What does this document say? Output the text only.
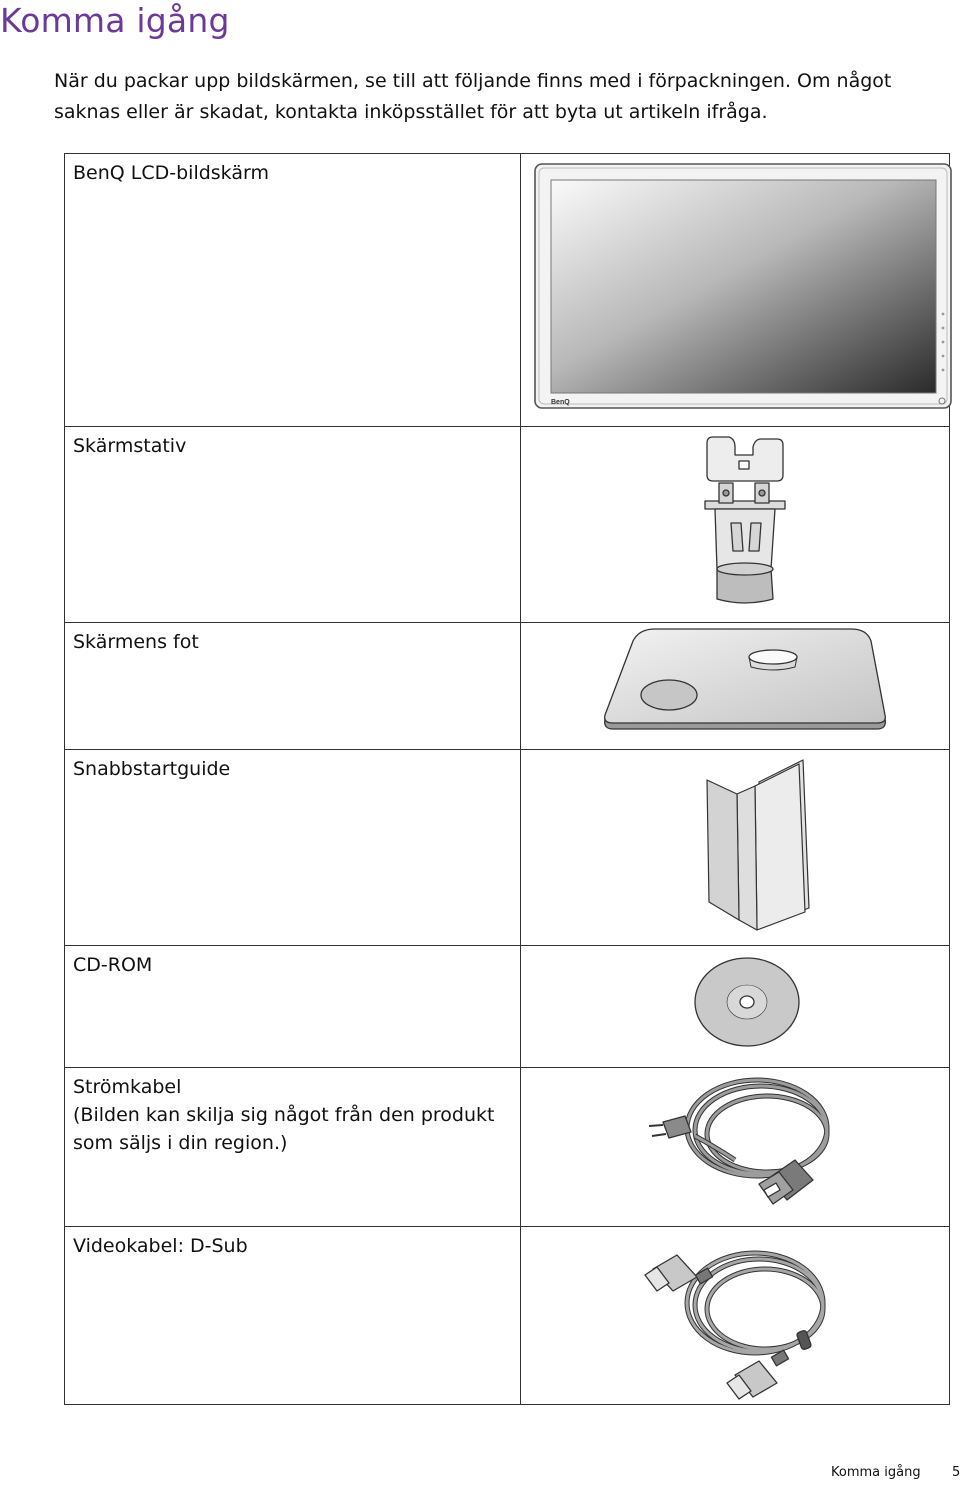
Komma igång

När du packar upp bildskärmen, se till att följande finns med i förpackningen. Om något saknas eller är skadat, kontakta inköpsstället för att byta ut artikeln ifråga.

BenQ LCD-bildskärm	BenQ

Skärmstativ	

Skärmens fot	

Snabbstartguide	

CD-ROM	

Strömkabel
(Bilden kan skilja sig något från den produkt som säljs i din region.)

Videokabel: D-Sub	
Komma igång 5
